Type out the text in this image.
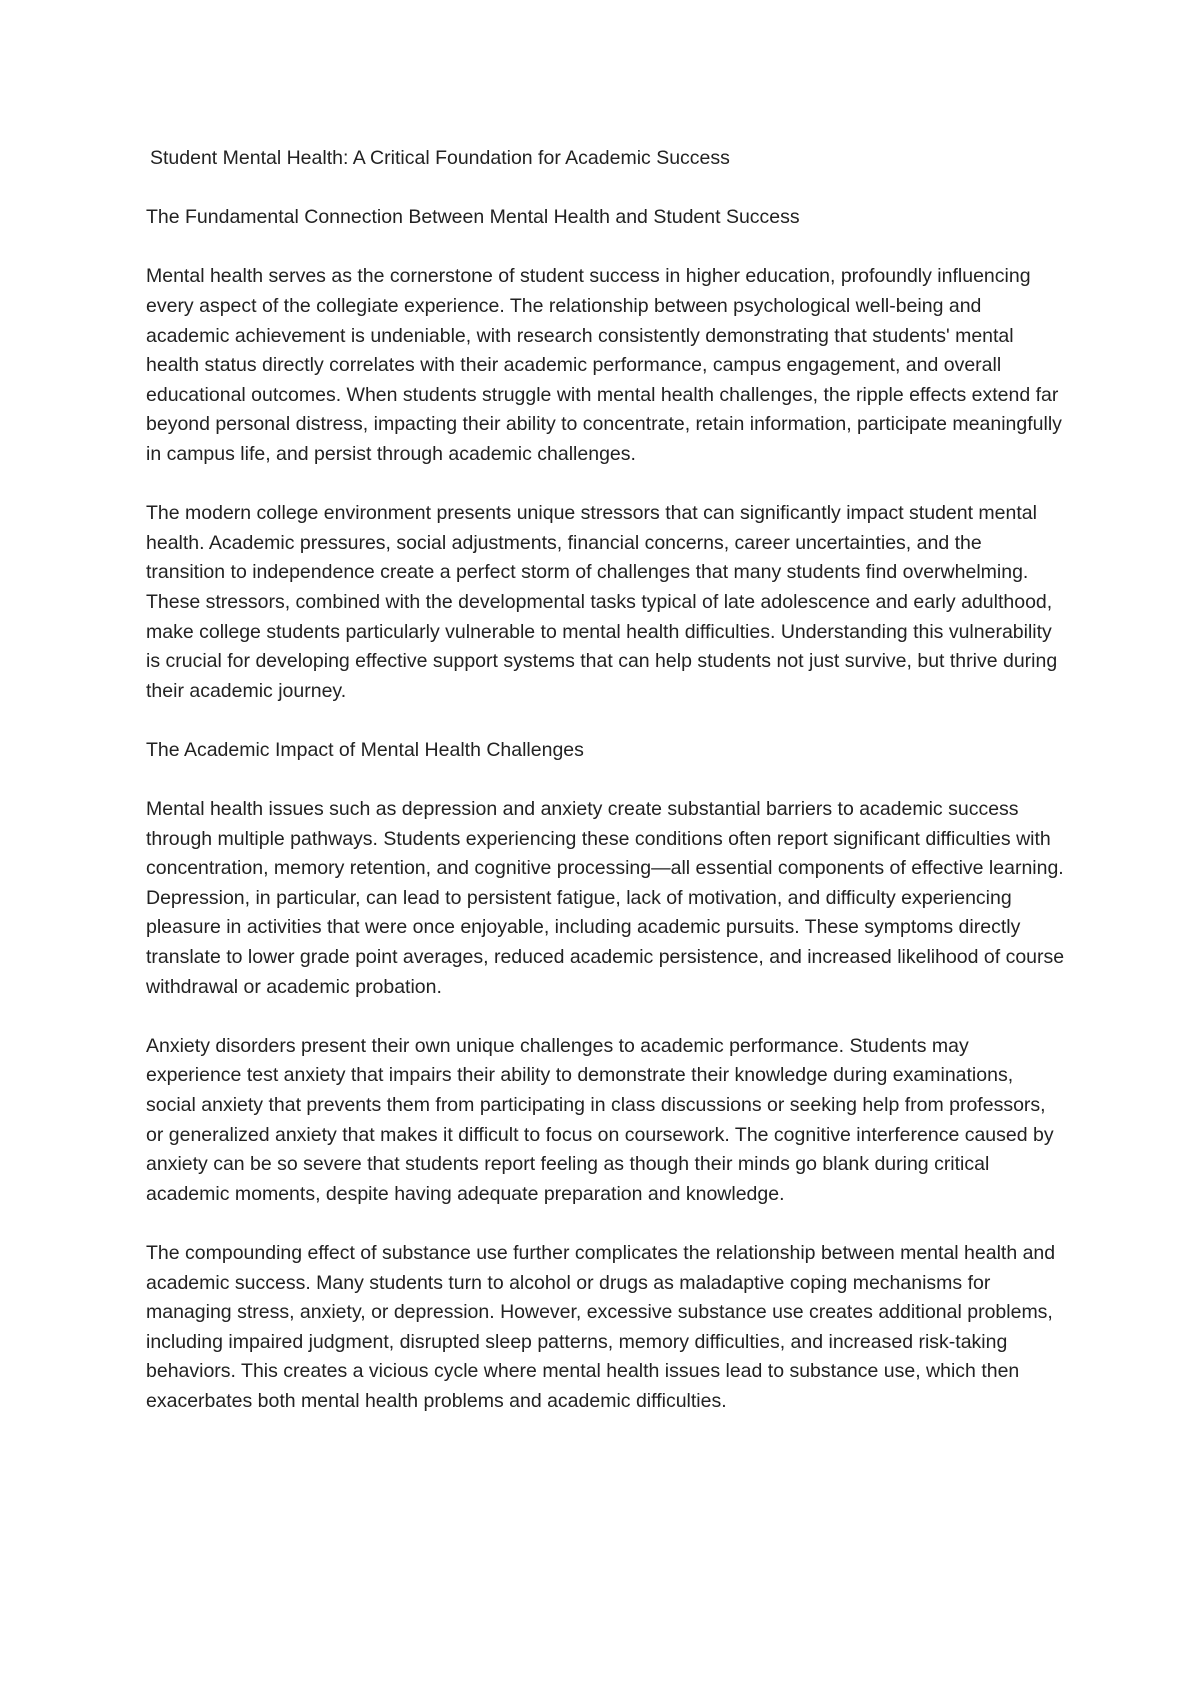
Student Mental Health: A Critical Foundation for Academic Success
The Fundamental Connection Between Mental Health and Student Success

Mental health serves as the cornerstone of student success in higher education, profoundly influencing every aspect of the collegiate experience. The relationship between psychological well-being and academic achievement is undeniable, with research consistently demonstrating that students' mental health status directly correlates with their academic performance, campus engagement, and overall educational outcomes. When students struggle with mental health challenges, the ripple effects extend far beyond personal distress, impacting their ability to concentrate, retain information, participate meaningfully in campus life, and persist through academic challenges.

The modern college environment presents unique stressors that can significantly impact student mental health. Academic pressures, social adjustments, financial concerns, career uncertainties, and the transition to independence create a perfect storm of challenges that many students find overwhelming. These stressors, combined with the developmental tasks typical of late adolescence and early adulthood, make college students particularly vulnerable to mental health difficulties. Understanding this vulnerability is crucial for developing effective support systems that can help students not just survive, but thrive during their academic journey.

The Academic Impact of Mental Health Challenges

Mental health issues such as depression and anxiety create substantial barriers to academic success through multiple pathways. Students experiencing these conditions often report significant difficulties with concentration, memory retention, and cognitive processing—all essential components of effective learning. Depression, in particular, can lead to persistent fatigue, lack of motivation, and difficulty experiencing pleasure in activities that were once enjoyable, including academic pursuits. These symptoms directly translate to lower grade point averages, reduced academic persistence, and increased likelihood of course withdrawal or academic probation.

Anxiety disorders present their own unique challenges to academic performance. Students may experience test anxiety that impairs their ability to demonstrate their knowledge during examinations, social anxiety that prevents them from participating in class discussions or seeking help from professors, or generalized anxiety that makes it difficult to focus on coursework. The cognitive interference caused by anxiety can be so severe that students report feeling as though their minds go blank during critical academic moments, despite having adequate preparation and knowledge.

The compounding effect of substance use further complicates the relationship between mental health and academic success. Many students turn to alcohol or drugs as maladaptive coping mechanisms for managing stress, anxiety, or depression. However, excessive substance use creates additional problems, including impaired judgment, disrupted sleep patterns, memory difficulties, and increased risk-taking behaviors. This creates a vicious cycle where mental health issues lead to substance use, which then exacerbates both mental health problems and academic difficulties.
